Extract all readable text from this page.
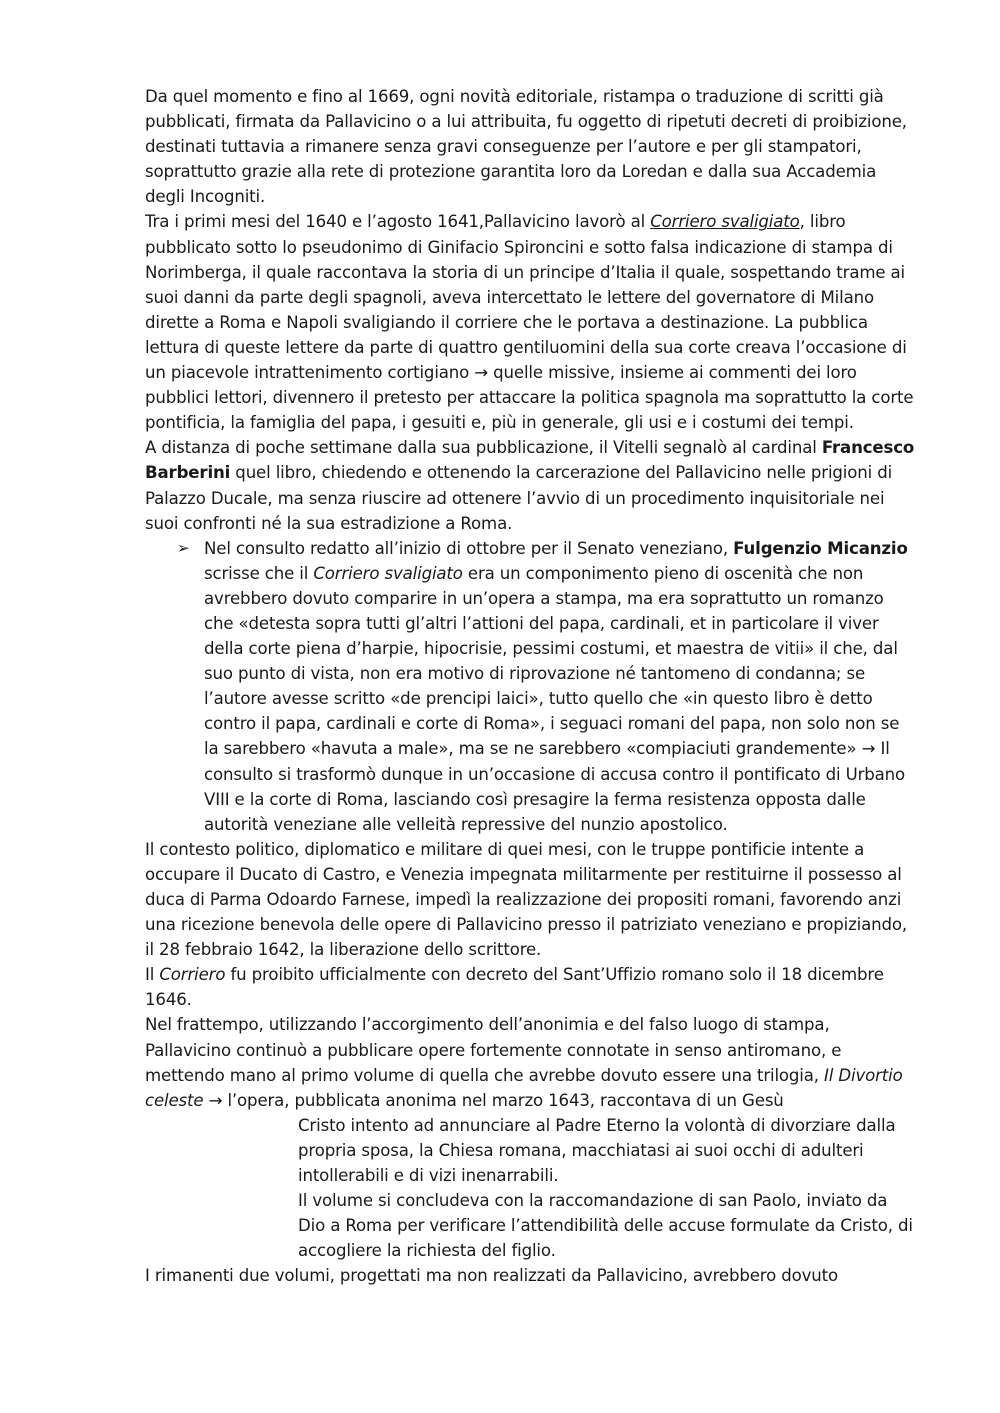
Da quel momento e fino al 1669, ogni novità editoriale, ristampa o traduzione di scritti già pubblicati, firmata da Pallavicino o a lui attribuita, fu oggetto di ripetuti decreti di proibizione, destinati tuttavia a rimanere senza gravi conseguenze per l’autore e per gli stampatori, soprattutto grazie alla rete di protezione garantita loro da Loredan e dalla sua Accademia degli Incogniti.

Tra i primi mesi del 1640 e l’agosto 1641,Pallavicino lavorò al Corriero svaligiato, libro pubblicato sotto lo pseudonimo di Ginifacio Spironcini e sotto falsa indicazione di stampa di Norimberga, il quale raccontava la storia di un principe d’Italia il quale, sospettando trame ai suoi danni da parte degli spagnoli, aveva intercettato le lettere del governatore di Milano dirette a Roma e Napoli svaligiando il corriere che le portava a destinazione. La pubblica lettura di queste lettere da parte di quattro gentiluomini della sua corte creava l’occasione di un piacevole intrattenimento cortigiano → quelle missive, insieme ai commenti dei loro pubblici lettori, divennero il pretesto per attaccare la politica spagnola ma soprattutto la corte pontificia, la famiglia del papa, i gesuiti e, più in generale, gli usi e i costumi dei tempi.

A distanza di poche settimane dalla sua pubblicazione, il Vitelli segnalò al cardinal Francesco Barberini quel libro, chiedendo e ottenendo la carcerazione del Pallavicino nelle prigioni di Palazzo Ducale, ma senza riuscire ad ottenere l’avvio di un procedimento inquisitoriale nei suoi confronti né la sua estradizione a Roma.

➢ Nel consulto redatto all’inizio di ottobre per il Senato veneziano, Fulgenzio Micanzio scrisse che il Corriero svaligiato era un componimento pieno di oscenità che non avrebbero dovuto comparire in un’opera a stampa, ma era soprattutto un romanzo che «detesta sopra tutti gl’altri l’attioni del papa, cardinali, et in particolare il viver della corte piena d’harpie, hipocrisie, pessimi costumi, et maestra de vitii» il che, dal suo punto di vista, non era motivo di riprovazione né tantomeno di condanna; se l’autore avesse scritto «de prencipi laici», tutto quello che «in questo libro è detto contro il papa, cardinali e corte di Roma», i seguaci romani del papa, non solo non se la sarebbero «havuta a male», ma se ne sarebbero «compiaciuti grandemente» → Il consulto si trasformò dunque in un’occasione di accusa contro il pontificato di Urbano VIII e la corte di Roma, lasciando così presagire la ferma resistenza opposta dalle autorità veneziane alle velleità repressive del nunzio apostolico.

Il contesto politico, diplomatico e militare di quei mesi, con le truppe pontificie intente a occupare il Ducato di Castro, e Venezia impegnata militarmente per restituirne il possesso al duca di Parma Odoardo Farnese, impedì la realizzazione dei propositi romani, favorendo anzi una ricezione benevola delle opere di Pallavicino presso il patriziato veneziano e propiziando, il 28 febbraio 1642, la liberazione dello scrittore.

Il Corriero fu proibito ufficialmente con decreto del Sant’Uffizio romano solo il 18 dicembre 1646.

Nel frattempo, utilizzando l’accorgimento dell’anonimia e del falso luogo di stampa, Pallavicino continuò a pubblicare opere fortemente connotate in senso antiromano, e mettendo mano al primo volume di quella che avrebbe dovuto essere una trilogia, Il Divortio celeste → l’opera, pubblicata anonima nel marzo 1643, raccontava di un Gesù

Cristo intento ad annunciare al Padre Eterno la volontà di divorziare dalla propria sposa, la Chiesa romana, macchiatasi ai suoi occhi di adulteri intollerabili e di vizi inenarrabili.

Il volume si concludeva con la raccomandazione di san Paolo, inviato da Dio a Roma per verificare l’attendibilità delle accuse formulate da Cristo, di accogliere la richiesta del figlio.

I rimanenti due volumi, progettati ma non realizzati da Pallavicino, avrebbero dovuto
